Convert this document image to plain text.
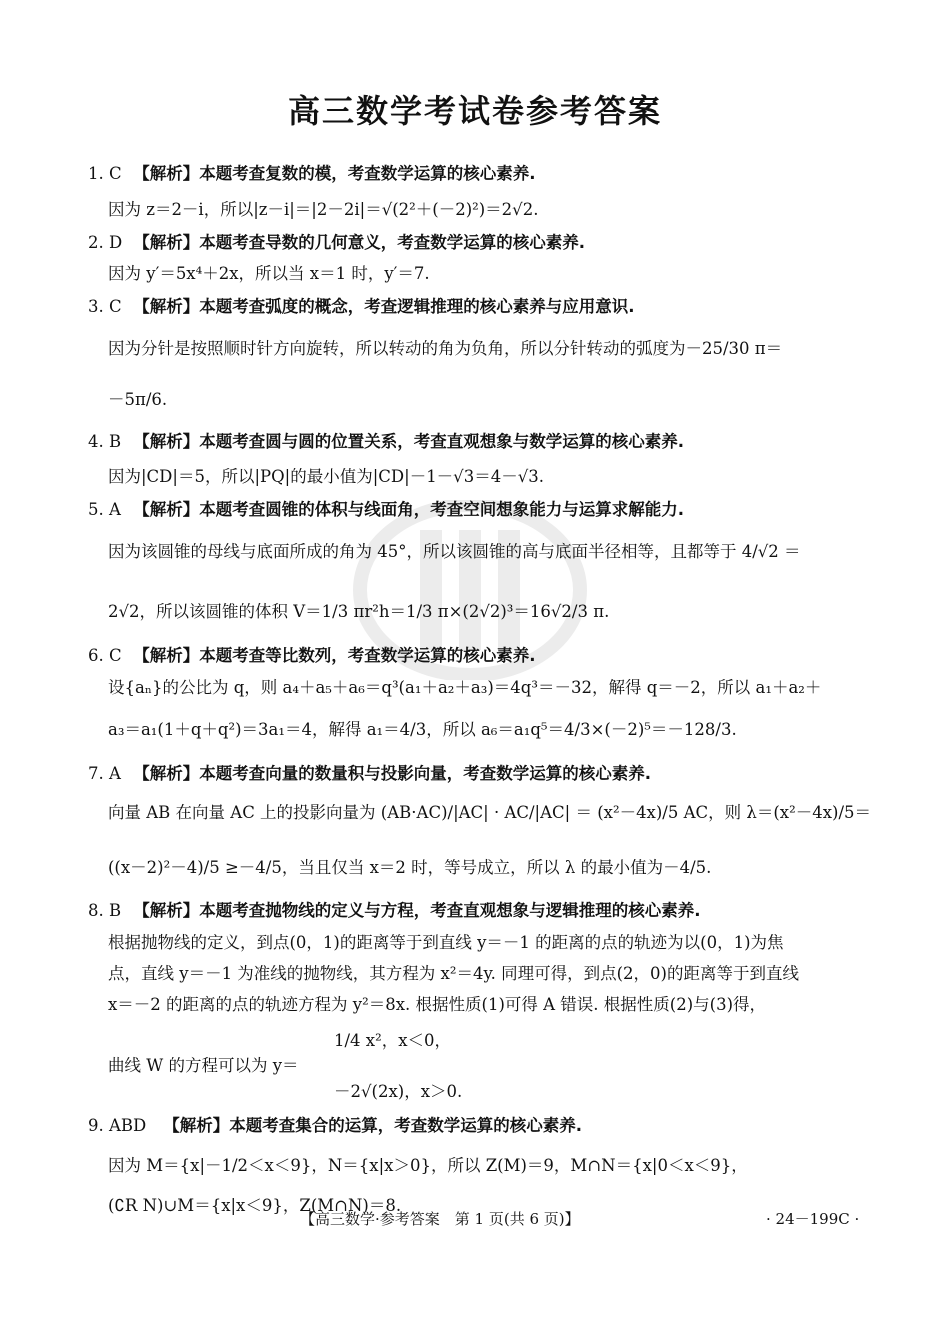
高三数学考试卷参考答案
1. C 【解析】本题考查复数的模，考查数学运算的核心素养.
因为 z＝2－i，所以|z－i|＝|2－2i|＝√(2²＋(－2)²)＝2√2.
2. D 【解析】本题考查导数的几何意义，考查数学运算的核心素养.
因为 y′＝5x⁴＋2x，所以当 x＝1 时，y′＝7.
3. C 【解析】本题考查弧度的概念，考查逻辑推理的核心素养与应用意识.
因为分针是按照顺时针方向旋转，所以转动的角为负角，所以分针转动的弧度为－25/30 π＝
－5π/6.
4. B 【解析】本题考查圆与圆的位置关系，考查直观想象与数学运算的核心素养.
因为|CD|＝5，所以|PQ|的最小值为|CD|－1－√3＝4－√3.
5. A 【解析】本题考查圆锥的体积与线面角，考查空间想象能力与运算求解能力.
因为该圆锥的母线与底面所成的角为 45°，所以该圆锥的高与底面半径相等，且都等于 4/√2 ＝
2√2，所以该圆锥的体积 V＝1/3 πr²h＝1/3 π×(2√2)³＝16√2/3 π.
6. C 【解析】本题考查等比数列，考查数学运算的核心素养.
设{aₙ}的公比为 q，则 a₄＋a₅＋a₆＝q³(a₁＋a₂＋a₃)＝4q³＝－32，解得 q＝－2，所以 a₁＋a₂＋
a₃＝a₁(1＋q＋q²)＝3a₁＝4，解得 a₁＝4/3，所以 a₆＝a₁q⁵＝4/3×(－2)⁵＝－128/3.
7. A 【解析】本题考查向量的数量积与投影向量，考查数学运算的核心素养.
向量 AB 在向量 AC 上的投影向量为 (AB·AC)/|AC| · AC/|AC| ＝ (x²－4x)/5 AC，则 λ＝(x²－4x)/5＝
((x－2)²－4)/5 ≥－4/5，当且仅当 x＝2 时，等号成立，所以 λ 的最小值为－4/5.
8. B 【解析】本题考查抛物线的定义与方程，考查直观想象与逻辑推理的核心素养.
根据抛物线的定义，到点(0，1)的距离等于到直线 y＝－1 的距离的点的轨迹为以(0，1)为焦
点，直线 y＝－1 为准线的抛物线，其方程为 x²＝4y. 同理可得，到点(2，0)的距离等于到直线
x＝－2 的距离的点的轨迹方程为 y²＝8x. 根据性质(1)可得 A 错误. 根据性质(2)与(3)得，
1/4 x²，x＜0，
曲线 W 的方程可以为 y＝
－2√(2x)，x＞0.
9. ABD 【解析】本题考查集合的运算，考查数学运算的核心素养.
因为 M＝{x|－1/2＜x＜9}，N＝{x|x＞0}，所以 Z(M)＝9，M∩N＝{x|0＜x＜9}，
(∁R N)∪M＝{x|x＜9}，Z(M∩N)＝8.
【高三数学·参考答案　第 1 页(共 6 页)】	· 24－199C ·
